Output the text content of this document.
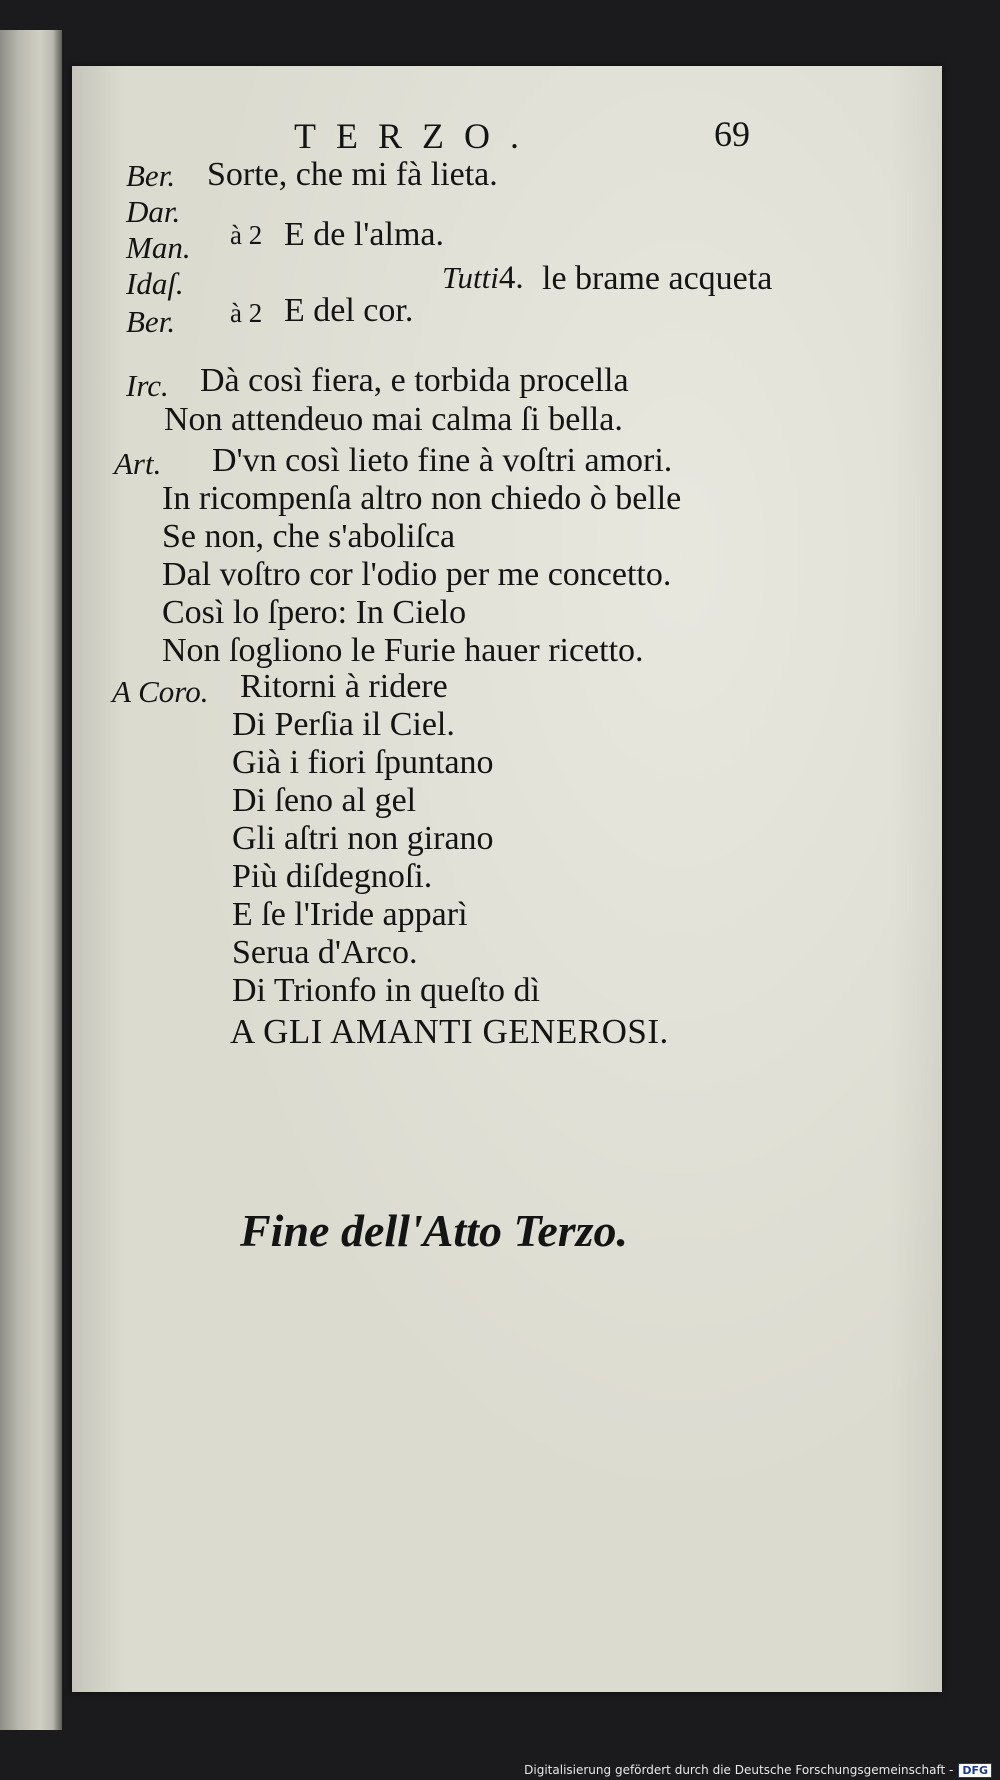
TERZO.	69
Ber. Sorte, che mi fà lieta.
Dar.
Man. à 2 E de l'alma.
Tutti4. le brame acqueta
Idaſ.
Ber. à 2 E del cor.
Irc. Dà così fiera, e torbida procella
Non attendeuo mai calma ſi bella.
Art. D'vn così lieto fine à voſtri amori.
In ricompenſa altro non chiedo ò belle
Se non, che s'aboliſca
Dal voſtro cor l'odio per me concetto.
Così lo ſpero: In Cielo
Non ſogliono le Furie hauer ricetto.
A Coro. Ritorni à ridere
Di Perſia il Ciel.
Già i fiori ſpuntano
Di ſeno al gel
Gli aſtri non girano
Più diſdegnoſi.
E ſe l'Iride apparì
Serua d'Arco.
Di Trionfo in queſto dì
A GLI AMANTI GENEROSI.
Fine dell'Atto Terzo.
Digitalisierung gefördert durch die Deutsche Forschungsgemeinschaft - DFG
